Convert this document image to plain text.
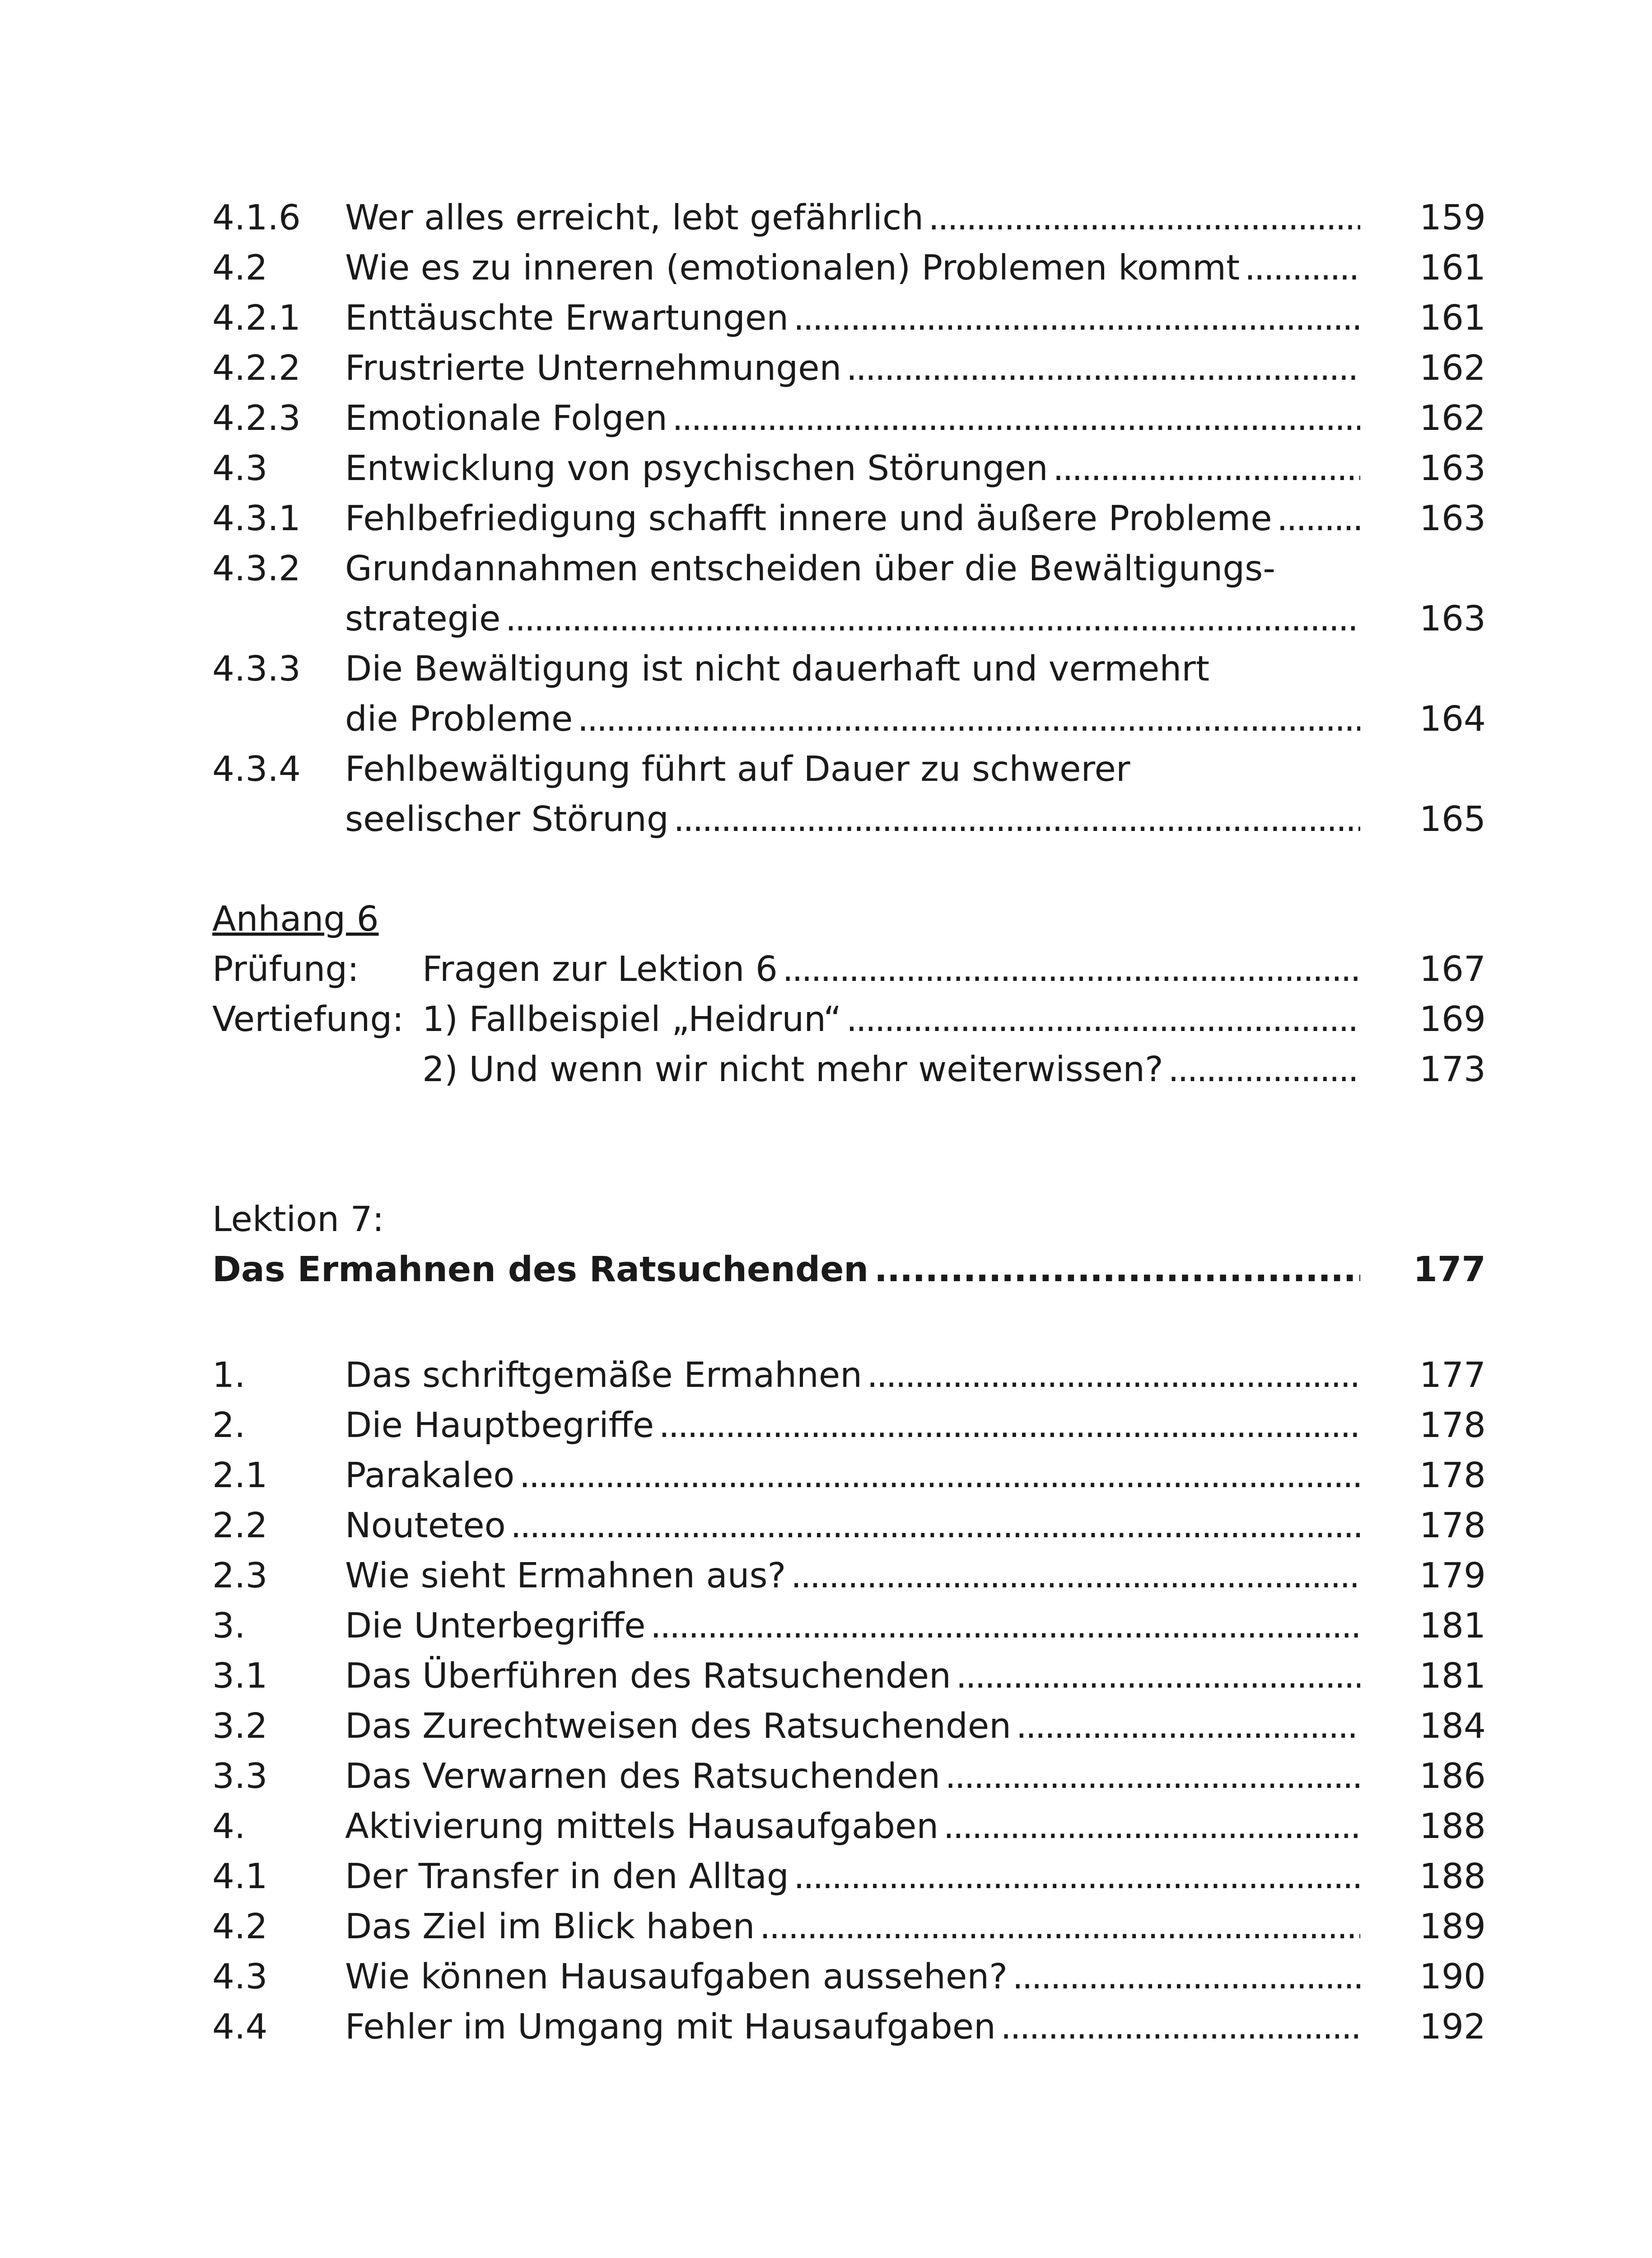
4.1.6 Wer alles erreicht, lebt gefährlich . . .	159
4.2 Wie es zu inneren (emotionalen) Problemen kommt . . .	161
4.2.1 Enttäuschte Erwartungen . . .	161
4.2.2 Frustrierte Unternehmungen . . .	162
4.2.3 Emotionale Folgen . . .	162
4.3 Entwicklung von psychischen Störungen . . .	163
4.3.1 Fehlbefriedigung schafft innere und äußere Probleme . . .	163
4.3.2 Grundannahmen entscheiden über die Bewältigungs-
strategie . . .	163
4.3.3 Die Bewältigung ist nicht dauerhaft und vermehrt
die Probleme . . .	164
4.3.4 Fehlbewältigung führt auf Dauer zu schwerer
seelischer Störung . . .	165
Anhang 6
Prüfung: Fragen zur Lektion 6 . . .	167
Vertiefung: 1) Fallbeispiel „Heidrun“ . . .	169
2) Und wenn wir nicht mehr weiterwissen? . . .	173
Lektion 7:
Das Ermahnen des Ratsuchenden . . .	177
1.	Das schriftgemäße Ermahnen . . .	177
2.	Die Hauptbegriffe . . .	178
2.1 Parakaleo . . .	178
2.2 Nouteteo . . .	178
2.3 Wie sieht Ermahnen aus? . . .	179
3.	Die Unterbegriffe . . .	181
3.1 Das Überführen des Ratsuchenden . . .	181
3.2 Das Zurechtweisen des Ratsuchenden . . .	184
3.3 Das Verwarnen des Ratsuchenden . . .	186
4.	Aktivierung mittels Hausaufgaben . . .	188
4.1 Der Transfer in den Alltag . . .	188
4.2 Das Ziel im Blick haben . . .	189
4.3 Wie können Hausaufgaben aussehen? . . .	190
4.4 Fehler im Umgang mit Hausaufgaben . . .	192
